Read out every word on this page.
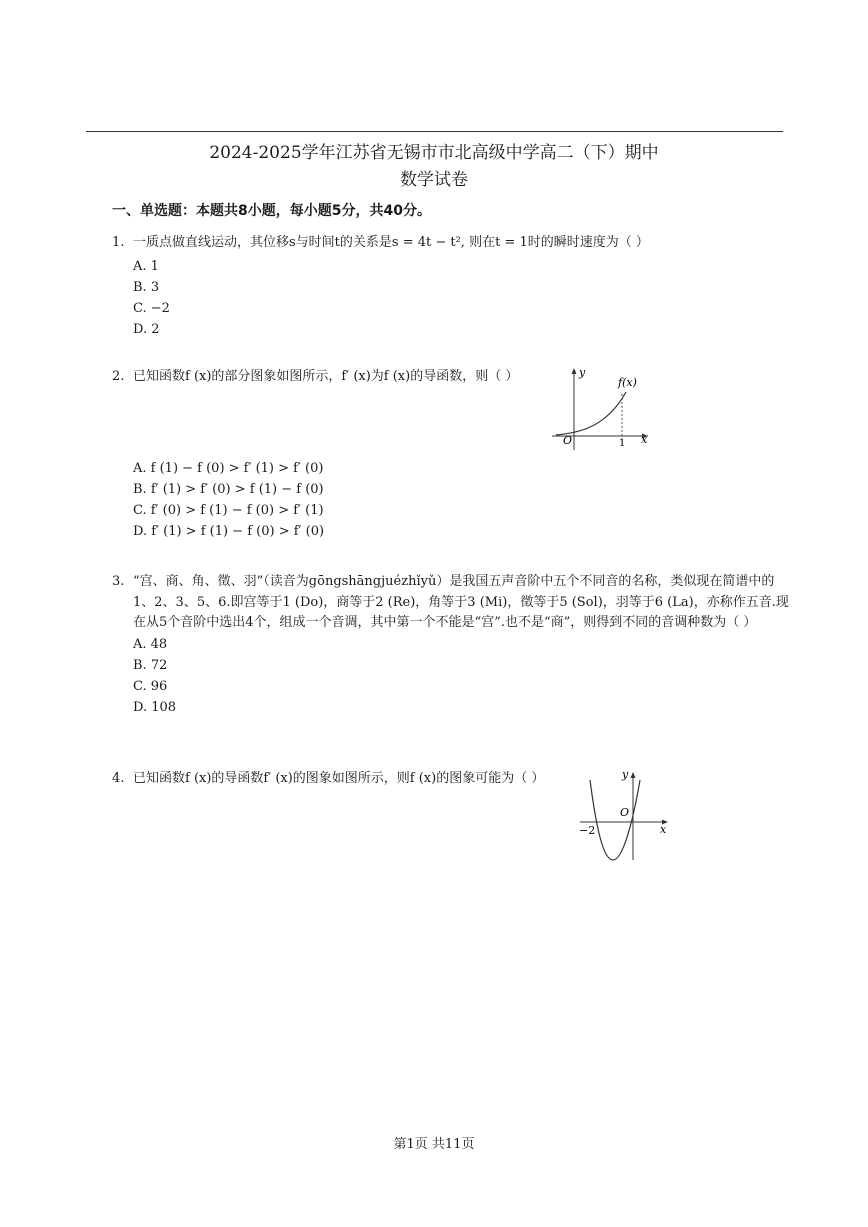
2024-2025学年江苏省无锡市市北高级中学高二（下）期中
数学试卷
一、单选题：本题共8小题，每小题5分，共40分。
1. 一质点做直线运动，其位移s与时间t的关系是s = 4t − t², 则在t = 1时的瞬时速度为（ ）
A. 1
B. 3
C. −2
D. 2
2. 已知函数f (x)的部分图象如图所示，f′ (x)为f (x)的导函数，则（ ）	y
f(x)
O	1 x
A. f (1) − f (0) > f′ (1) > f′ (0)
B. f′ (1) > f′ (0) > f (1) − f (0)
C. f′ (0) > f (1) − f (0) > f′ (1)
D. f′ (1) > f (1) − f (0) > f′ (0)
3. “宫、商、角、徵、羽”（读音为gōngshāngjuézhǐyǔ）是我国五声音阶中五个不同音的名称，类似现在简谱中的1、2、3、5、6.即宫等于1 (Do)，商等于2 (Re)，角等于3 (Mi)，徵等于5 (Sol)，羽等于6 (La)，亦称作五音.现在从5个音阶中选出4个，组成一个音调，其中第一个不能是“宫”.也不是“商”，则得到不同的音调种数为（ ）
A. 48
B. 72
C. 96
D. 108
4. 已知函数f (x)的导函数f′ (x)的图象如图所示，则f (x)的图象可能为（ ）	y
O
−2	x
第1页 共11页
